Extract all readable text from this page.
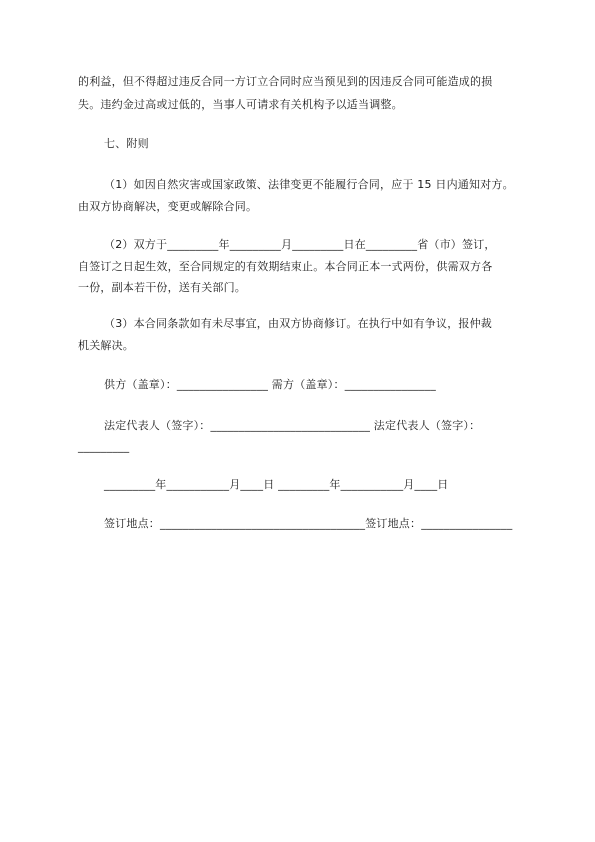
的利益，但不得超过违反合同一方订立合同时应当预见到的因违反合同可能造成的损
失。违约金过高或过低的，当事人可请求有关机构予以适当调整。
七、附则
（1）如因自然灾害或国家政策、法律变更不能履行合同，应于 15 日内通知对方。
由双方协商解决，变更或解除合同。
（2）双方于_________年_________月_________日在_________省（市）签订，
自签订之日起生效，至合同规定的有效期结束止。本合同正本一式两份，供需双方各
一份，副本若干份，送有关部门。
（3）本合同条款如有未尽事宜，由双方协商修订。在执行中如有争议，报仲裁
机关解决。
供方（盖章）：________________ 需方（盖章）：________________
法定代表人（签字）：____________________________ 法定代表人（签字）：
_________
_________年___________月____日 _________年___________月____日
签订地点：____________________________________签订地点：________________
